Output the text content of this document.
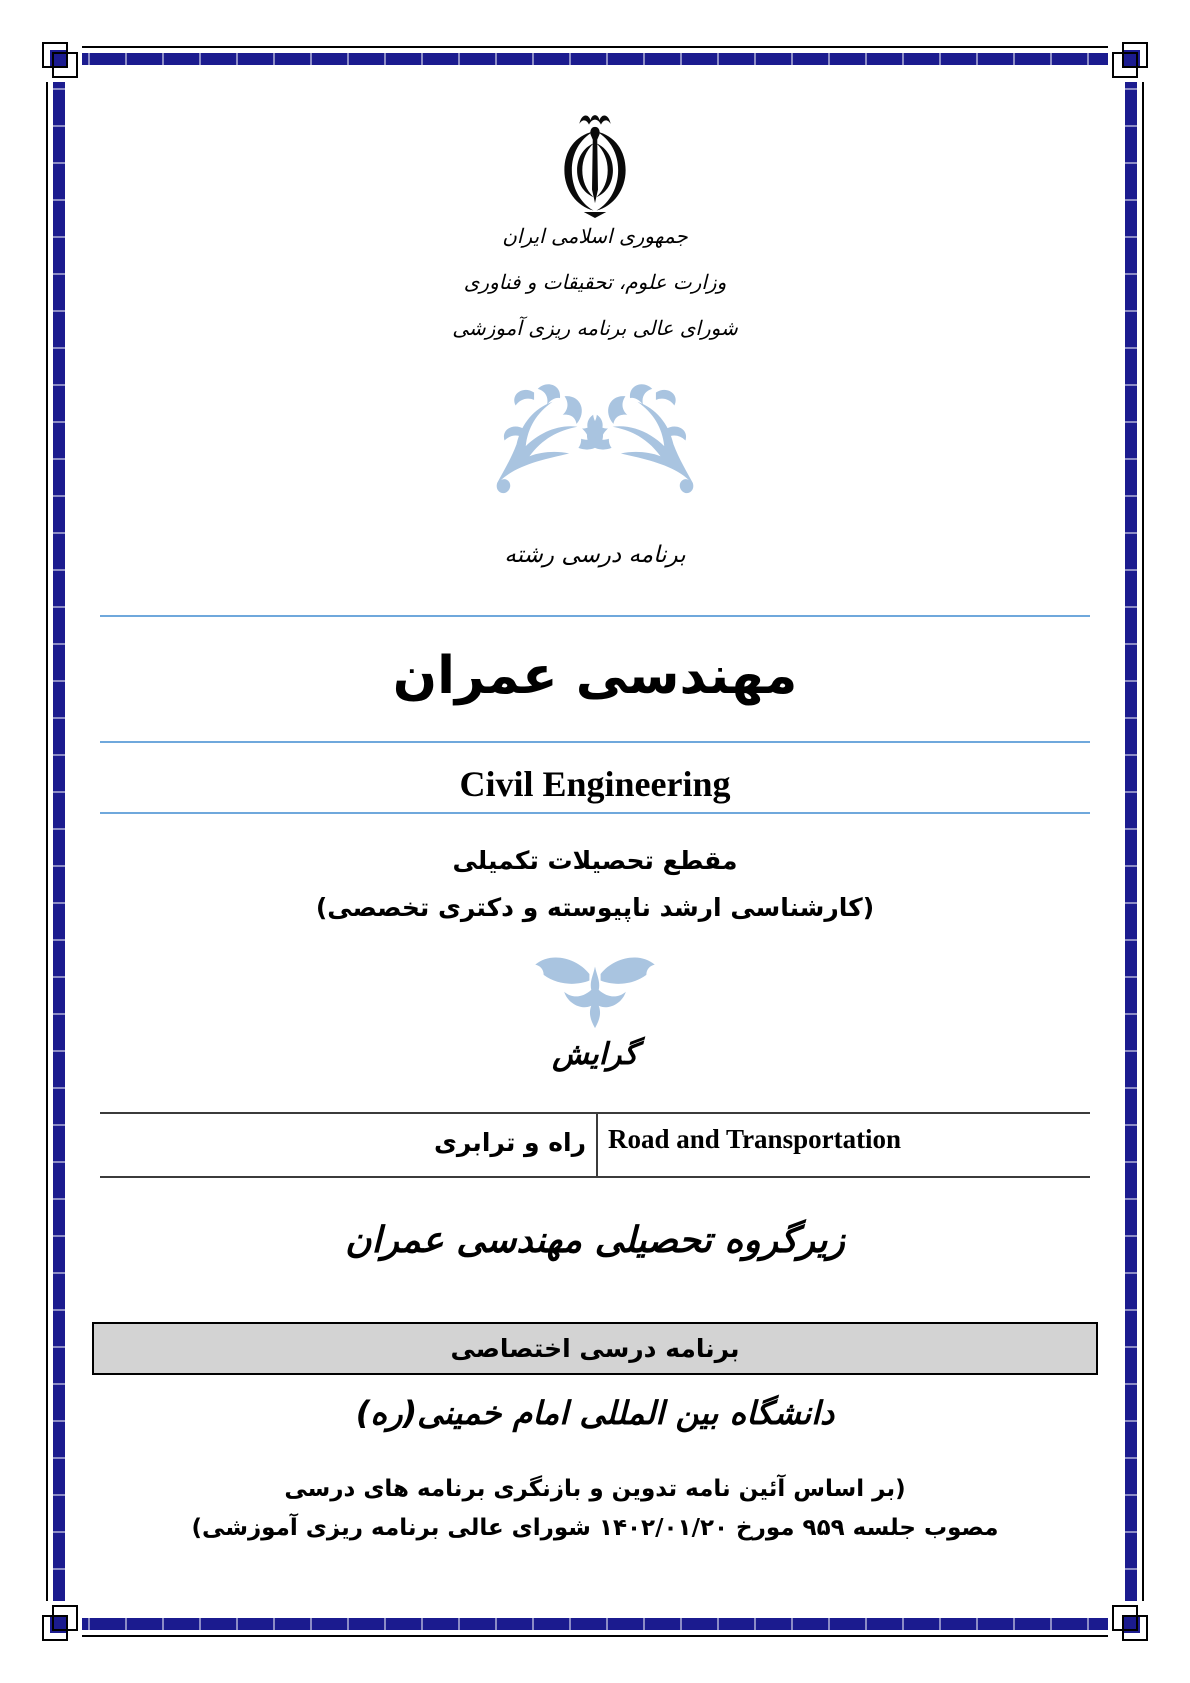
جمهوری اسلامی ایران
وزارت علوم، تحقیقات و فناوری
شورای عالی برنامه ریزی آموزشی
برنامه درسی رشته
مهندسی عمران
Civil Engineering
مقطع تحصیلات تکمیلی
(کارشناسی ارشد ناپیوسته و دکتری تخصصی)
گرایش
راه و ترابری Road and Transportation
زیرگروه تحصیلی مهندسی عمران
برنامه درسی اختصاصی
دانشگاه بین المللی امام خمینی(ره)
(بر اساس آئین نامه تدوین و بازنگری برنامه های درسی
مصوب جلسه ۹۵۹ مورخ ۱۴۰۲/۰۱/۲۰ شورای عالی برنامه ریزی آموزشی)
